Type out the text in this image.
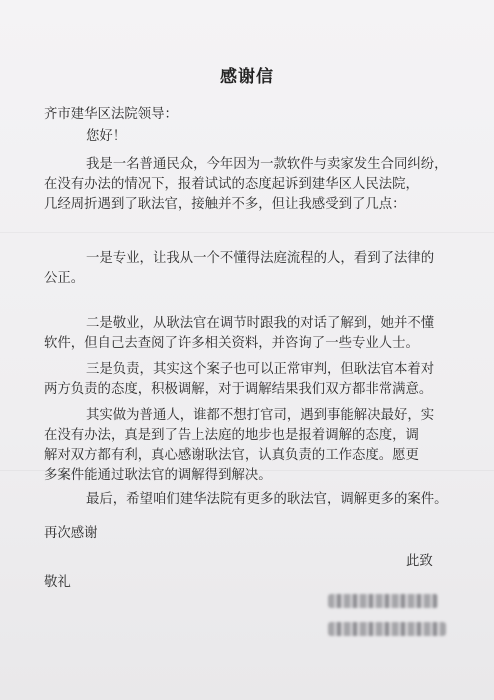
感谢信
齐市建华区法院领导：
您好！
我是一名普通民众，今年因为一款软件与卖家发生合同纠纷，
在没有办法的情况下，报着试试的态度起诉到建华区人民法院，
几经周折遇到了耿法官，接触并不多，但让我感受到了几点：
一是专业，让我从一个不懂得法庭流程的人，看到了法律的
公正。
二是敬业，从耿法官在调节时跟我的对话了解到，她并不懂
软件，但自己去查阅了许多相关资料，并咨询了一些专业人士。
三是负责，其实这个案子也可以正常审判，但耿法官本着对
两方负责的态度，积极调解，对于调解结果我们双方都非常满意。
其实做为普通人，谁都不想打官司，遇到事能解决最好，实
在没有办法，真是到了告上法庭的地步也是报着调解的态度，调
解对双方都有利，真心感谢耿法官，认真负责的工作态度。愿更
多案件能通过耿法官的调解得到解决。
最后，希望咱们建华法院有更多的耿法官，调解更多的案件。
再次感谢
此致
敬礼
